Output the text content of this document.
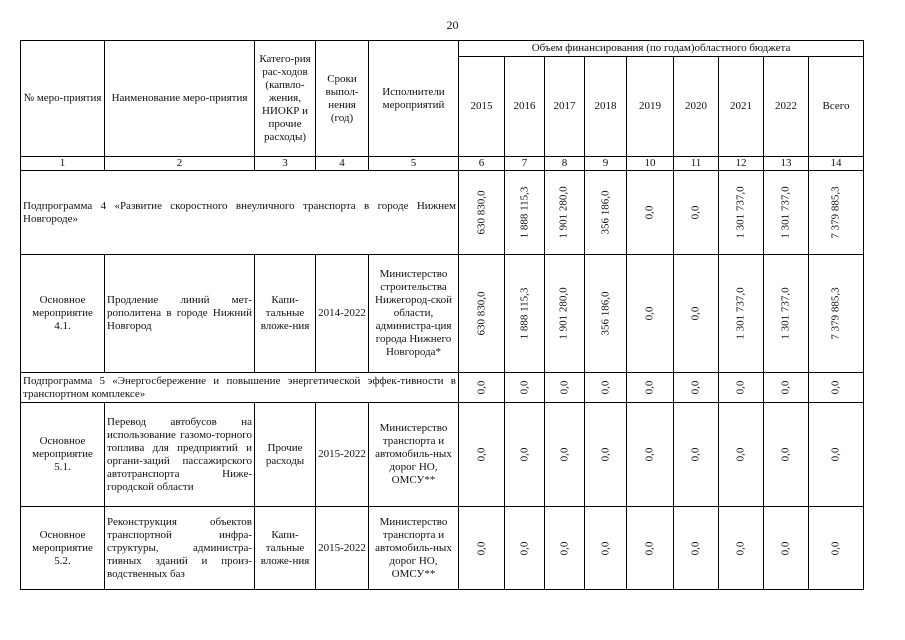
20
№ меро-приятия	Наименование меро-приятия	Катего-рия рас-ходов (капвло-жения, НИОКР и прочие расходы)	Сроки выпол-нения (год)	Исполнители мероприятий	Объем финансирования (по годам)областного бюджета								
					2015	2016	2017	2018	2019	2020	2021	2022	Всего
1	2	3	4	5	6	7	8	9	10	11	12	13	14
Подпрограмма 4 «Развитие скоростного внеуличного транспорта в городе Нижнем Новгороде»					630 830,0	1 888 115,3	1 901 280,0	356 186,0	0,0	0,0	1 301 737,0	1 301 737,0	7 379 885,3

Основное мероприятие 4.1.	Продление линий мет-рополитена в городе Нижний Новгород	Капи-тальные вложе-ния	2014-2022	Министерство строительства Нижегород-ской области, администра-ция города Нижнего Новгорода*	630 830,0	1 888 115,3	1 901 280,0	356 186,0	0,0	0,0	1 301 737,0	1 301 737,0	7 379 885,3

Подпрограмма 5 «Энергосбережение и повышение энергетической эффек-тивности в транспортном комплексе»					0,0	0,0	0,0	0,0	0,0	0,0	0,0	0,0	0,0

Основное мероприятие 5.1.	Перевод автобусов на использование газомо-торного топлива для предприятий и органи-заций пассажирского автотранспорта Ниже-городской области	Прочие расходы	2015-2022	Министерство транспорта и автомобиль-ных дорог НО, ОМСУ**	0,0	0,0	0,0	0,0	0,0	0,0	0,0	0,0	0,0

Основное мероприятие 5.2.	Реконструкция объектов транспортной инфра-структуры, администра-тивных зданий и произ-водственных баз	Капи-тальные вложе-ния	2015-2022	Министерство транспорта и автомобиль-ных дорог НО, ОМСУ**	0,0	0,0	0,0	0,0	0,0	0,0	0,0	0,0	0,0
